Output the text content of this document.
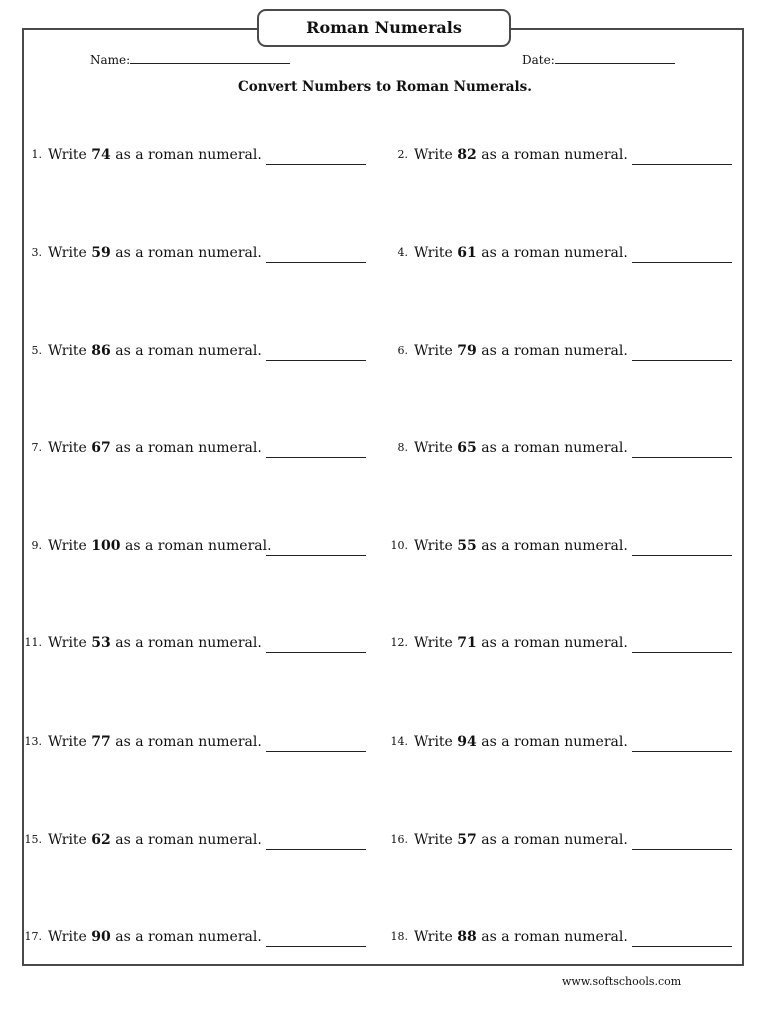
Roman Numerals
Name:	Date:
Convert Numbers to Roman Numerals.
1. Write 74 as a roman numeral.	2. Write 82 as a roman numeral.
3. Write 59 as a roman numeral.	4. Write 61 as a roman numeral.
5. Write 86 as a roman numeral.	6. Write 79 as a roman numeral.
7. Write 67 as a roman numeral.	8. Write 65 as a roman numeral.
9. Write 100 as a roman numeral.	10. Write 55 as a roman numeral.
11. Write 53 as a roman numeral.	12. Write 71 as a roman numeral.
13. Write 77 as a roman numeral.	14. Write 94 as a roman numeral.
15. Write 62 as a roman numeral.	16. Write 57 as a roman numeral.
17. Write 90 as a roman numeral.	18. Write 88 as a roman numeral.
www.softschools.com
